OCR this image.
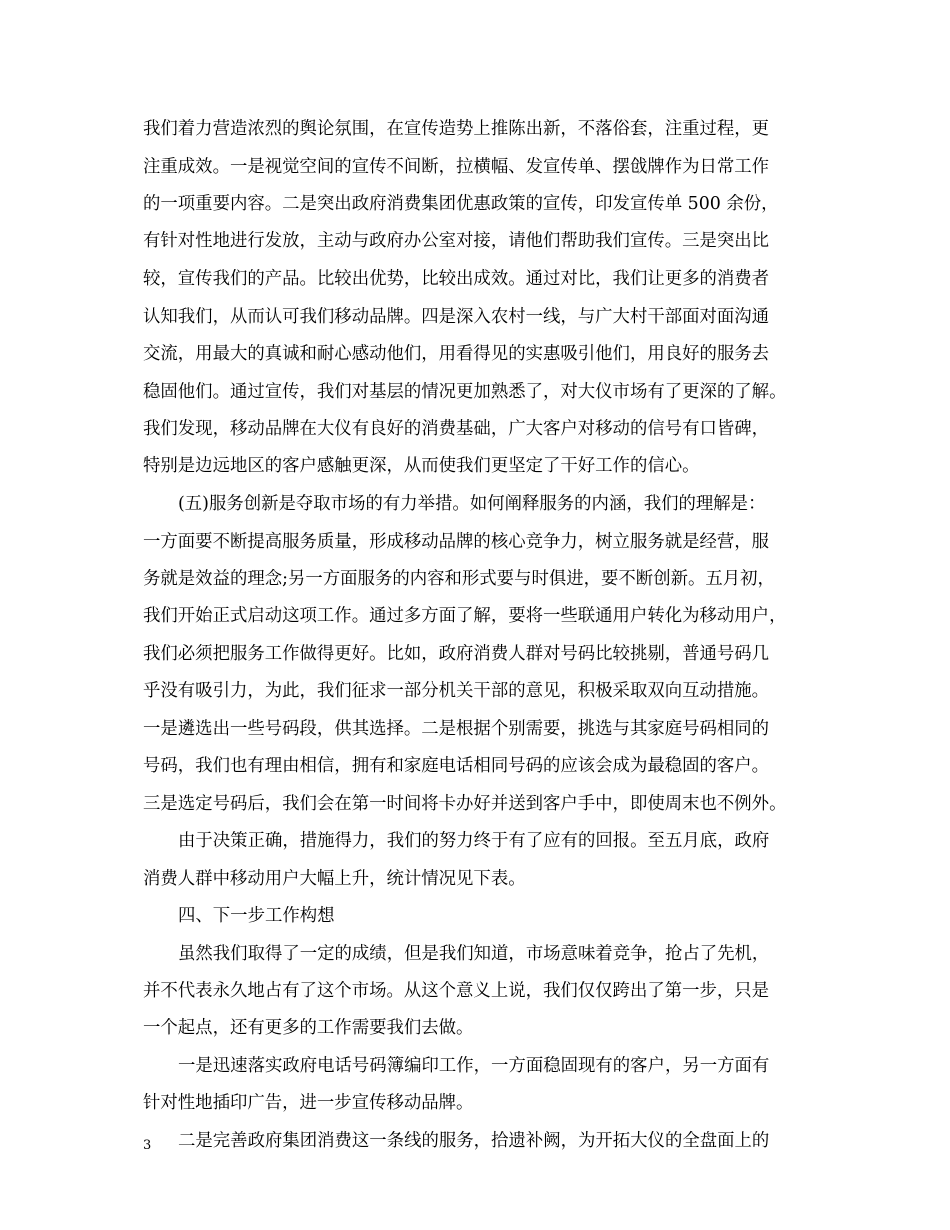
我们着力营造浓烈的舆论氛围，在宣传造势上推陈出新，不落俗套，注重过程，更
注重成效。一是视觉空间的宣传不间断，拉横幅、发宣传单、摆戗牌作为日常工作
的一项重要内容。二是突出政府消费集团优惠政策的宣传，印发宣传单 500 余份，
有针对性地进行发放，主动与政府办公室对接，请他们帮助我们宣传。三是突出比
较，宣传我们的产品。比较出优势，比较出成效。通过对比，我们让更多的消费者
认知我们，从而认可我们移动品牌。四是深入农村一线，与广大村干部面对面沟通
交流，用最大的真诚和耐心感动他们，用看得见的实惠吸引他们，用良好的服务去
稳固他们。通过宣传，我们对基层的情况更加熟悉了，对大仪市场有了更深的了解。
我们发现，移动品牌在大仪有良好的消费基础，广大客户对移动的信号有口皆碑，
特别是边远地区的客户感触更深，从而使我们更坚定了干好工作的信心。
(五)服务创新是夺取市场的有力举措。如何阐释服务的内涵，我们的理解是：
一方面要不断提高服务质量，形成移动品牌的核心竞争力，树立服务就是经营，服
务就是效益的理念;另一方面服务的内容和形式要与时俱进，要不断创新。五月初，
我们开始正式启动这项工作。通过多方面了解，要将一些联通用户转化为移动用户，
我们必须把服务工作做得更好。比如，政府消费人群对号码比较挑剔，普通号码几
乎没有吸引力，为此，我们征求一部分机关干部的意见，积极采取双向互动措施。
一是遴选出一些号码段，供其选择。二是根据个别需要，挑选与其家庭号码相同的
号码，我们也有理由相信，拥有和家庭电话相同号码的应该会成为最稳固的客户。
三是选定号码后，我们会在第一时间将卡办好并送到客户手中，即使周末也不例外。
由于决策正确，措施得力，我们的努力终于有了应有的回报。至五月底，政府
消费人群中移动用户大幅上升，统计情况见下表。
四、下一步工作构想
虽然我们取得了一定的成绩，但是我们知道，市场意味着竞争，抢占了先机，
并不代表永久地占有了这个市场。从这个意义上说，我们仅仅跨出了第一步，只是
一个起点，还有更多的工作需要我们去做。
一是迅速落实政府电话号码簿编印工作，一方面稳固现有的客户，另一方面有
针对性地插印广告，进一步宣传移动品牌。
二是完善政府集团消费这一条线的服务，拾遗补阙，为开拓大仪的全盘面上的
3
